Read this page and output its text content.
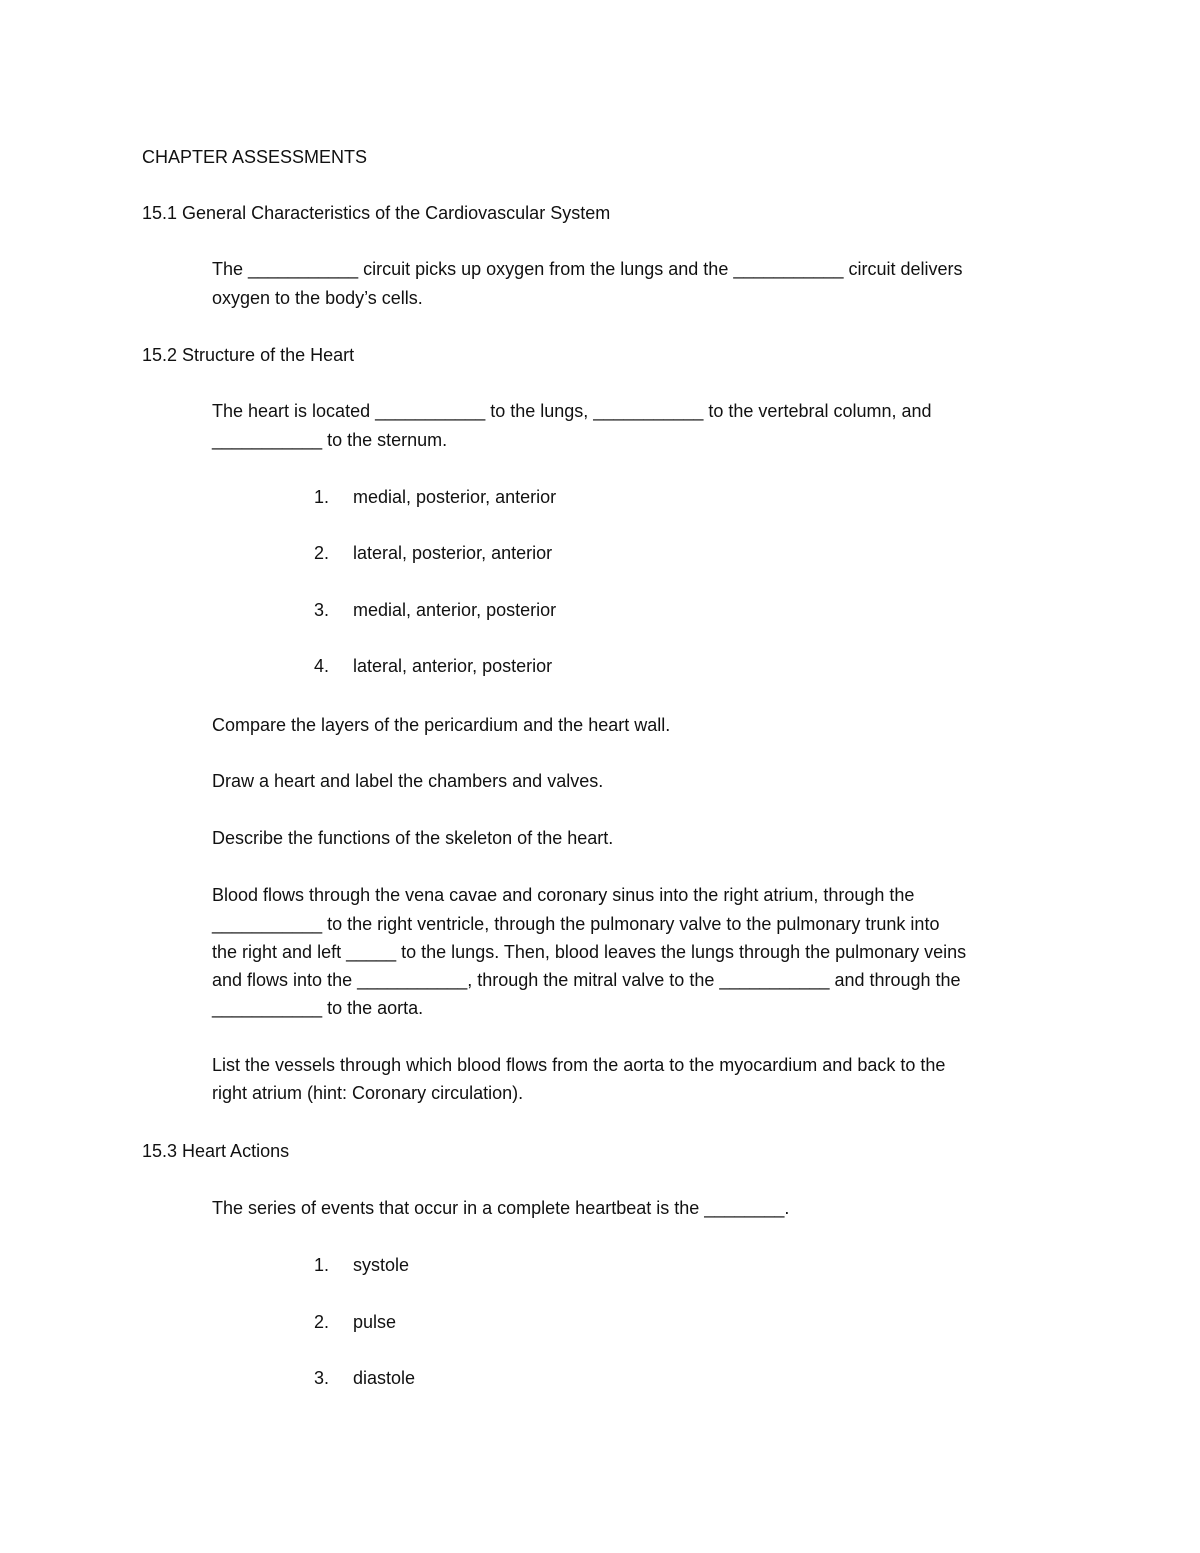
CHAPTER ASSESSMENTS
15.1 General Characteristics of the Cardiovascular System
The ___________ circuit picks up oxygen from the lungs and the ___________ circuit delivers
oxygen to the body’s cells.
15.2 Structure of the Heart
The heart is located ___________ to the lungs, ___________ to the vertebral column, and
___________ to the sternum.
1. medial, posterior, anterior
2. lateral, posterior, anterior
3. medial, anterior, posterior
4. lateral, anterior, posterior
Compare the layers of the pericardium and the heart wall.
Draw a heart and label the chambers and valves.
Describe the functions of the skeleton of the heart.
Blood flows through the vena cavae and coronary sinus into the right atrium, through the
___________ to the right ventricle, through the pulmonary valve to the pulmonary trunk into
the right and left _____ to the lungs. Then, blood leaves the lungs through the pulmonary veins
and flows into the ___________, through the mitral valve to the ___________ and through the
___________ to the aorta.
List the vessels through which blood flows from the aorta to the myocardium and back to the
right atrium (hint: Coronary circulation).
15.3 Heart Actions
The series of events that occur in a complete heartbeat is the ________.
1. systole
2. pulse
3. diastole
